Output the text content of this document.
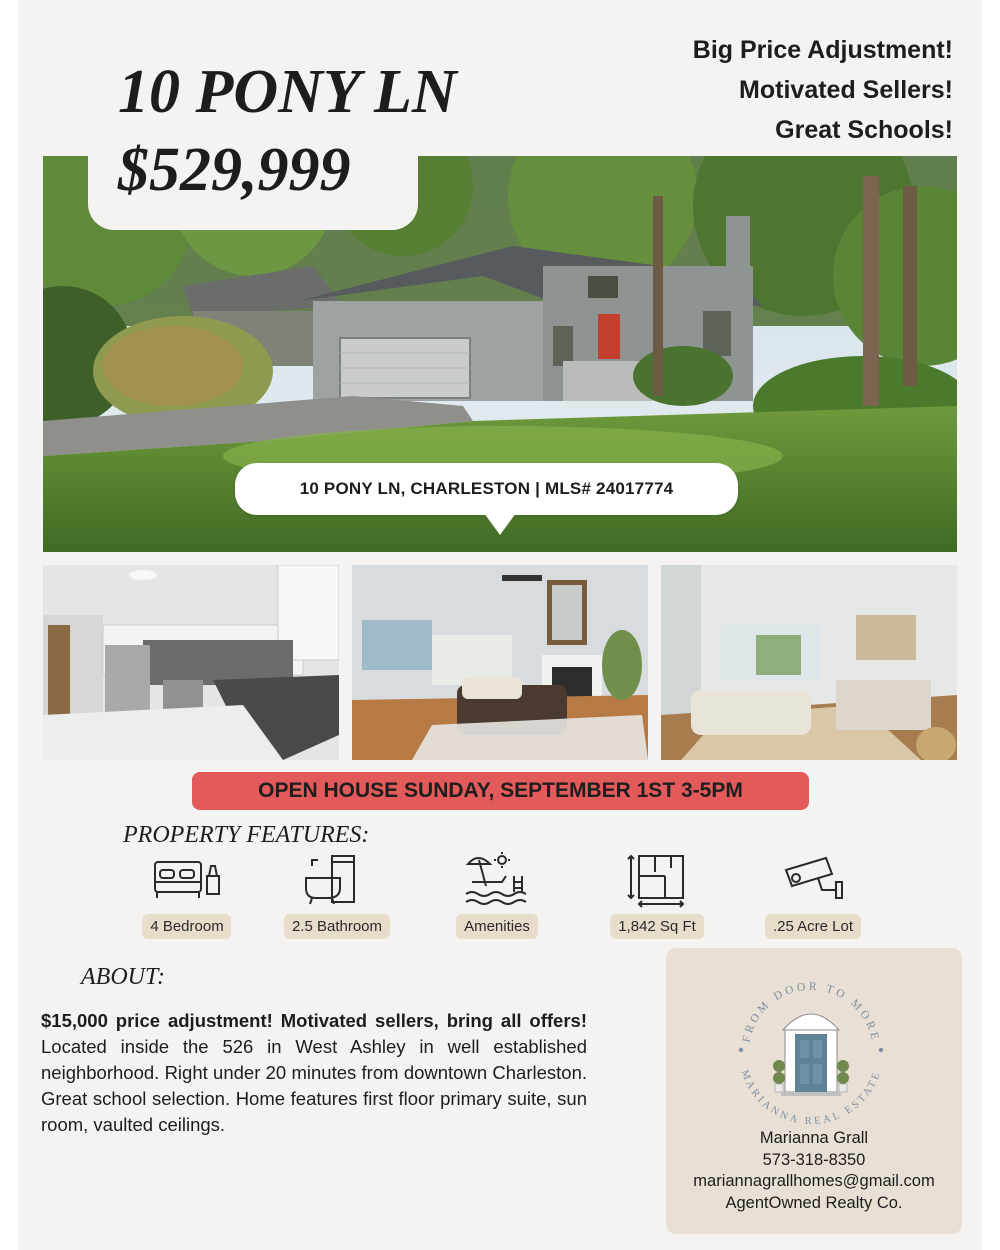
10 PONY LN
$529,999
Big Price Adjustment!
Motivated Sellers!
Great Schools!
10 PONY LN, CHARLESTON | MLS# 24017774
OPEN HOUSE SUNDAY, SEPTEMBER 1ST 3-5PM
PROPERTY FEATURES:
4 Bedroom	2.5 Bathroom	Amenities	1,842 Sq Ft	.25 Acre Lot
ABOUT:

$15,000 price adjustment! Motivated sellers, bring all offers! Located inside the 526 in West Ashley in well established neighborhood. Right under 20 minutes from downtown Charleston. Great school selection. Home features first floor primary suite, sun room, vaulted ceilings.

FROM DOOR TO MORE
MARIANNA REAL ESTATE
Marianna Grall
573-318-8350
mariannagrallhomes@gmail.com
AgentOwned Realty Co.
